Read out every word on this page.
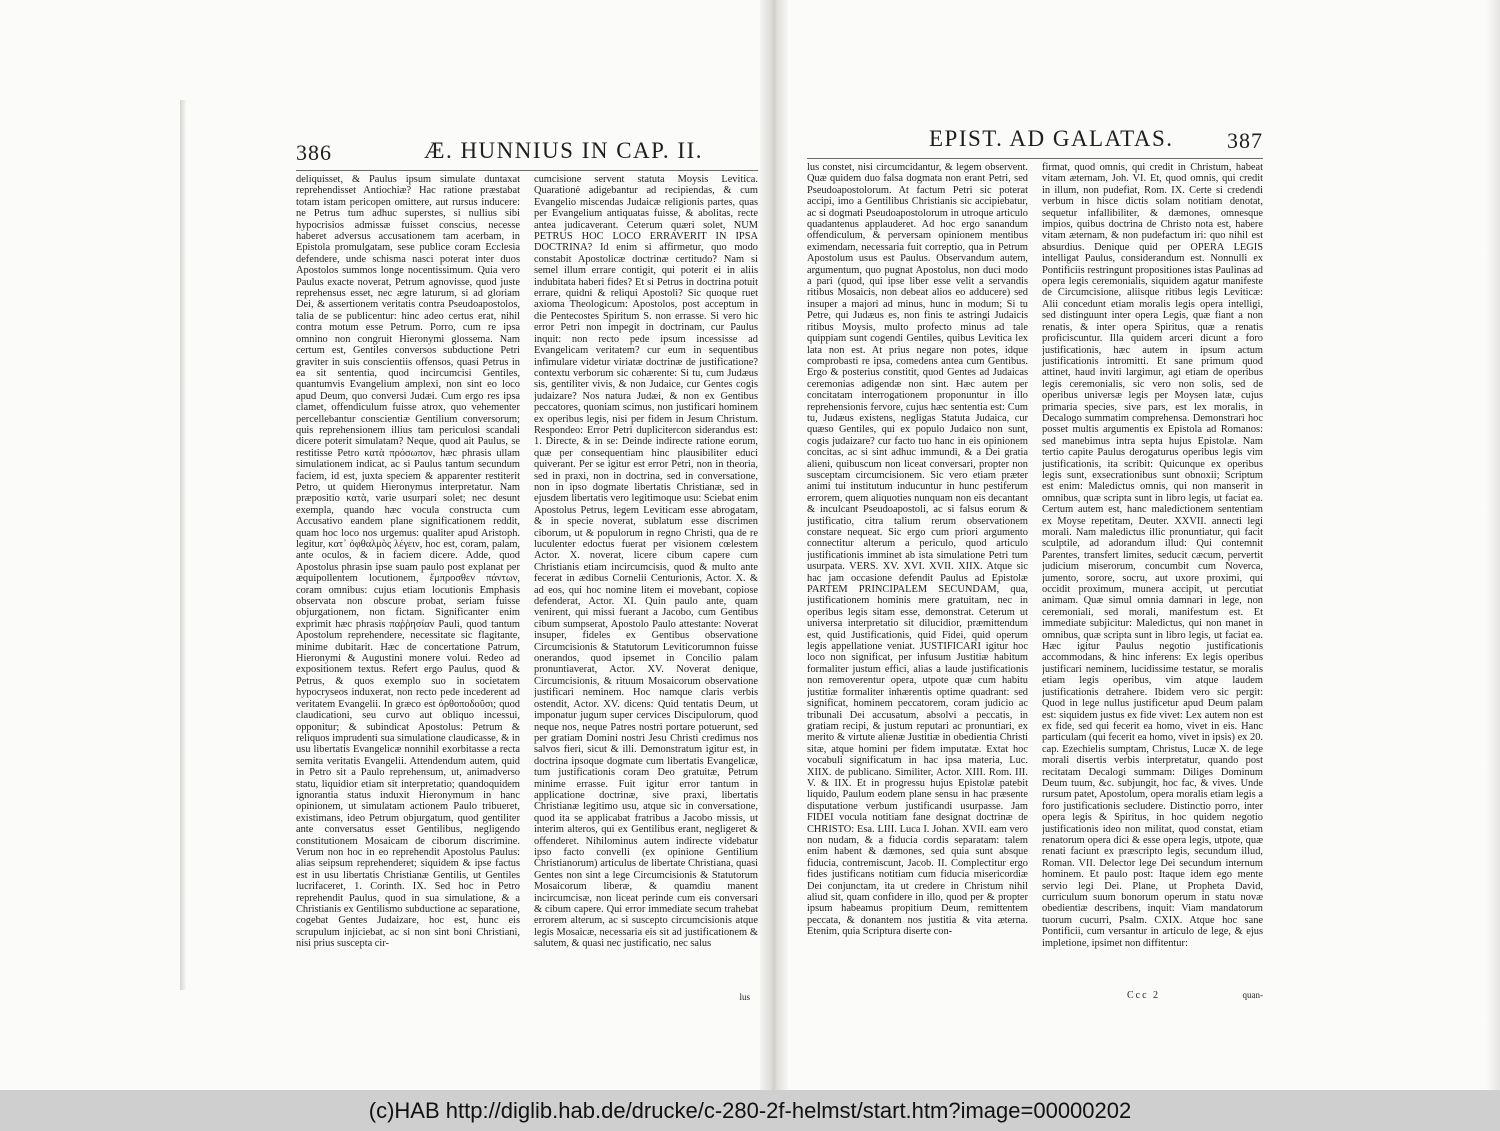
386	Æ. HUNNIUS IN CAP. II.
deliquisset, & Paulus ipsum simulate duntaxat reprehendisset Antiochiæ? Hac ratione præstabat totam istam pericopen omittere, aut rursus inducere: ne Petrus tum adhuc superstes, si nullius sibi hypocrisios admissæ fuisset conscius, necesse haberet adversus accusationem tam acerbam, in Epistola promulgatam, sese publice coram Ecclesia defendere, unde schisma nasci poterat inter duos Apostolos summos longe nocentissimum. Quia vero Paulus exacte noverat, Petrum agnovisse, quod juste reprehensus esset, nec ægre laturum, si ad gloriam Dei, & assertionem veritatis contra Pseudoapostolos, talia de se publicentur: hinc adeo certus erat, nihil contra motum esse Petrum. Porro, cum re ipsa omnino non congruit Hieronymi glossema. Nam certum est, Gentiles conversos subductione Petri graviter in suis conscientiis offensos, quasi Petrus in ea sit sententia, quod incircumcisi Gentiles, quantumvis Evangelium amplexi, non sint eo loco apud Deum, quo conversi Judæi. Cum ergo res ipsa clamet, offendiculum fuisse atrox, quo vehementer percellebantur conscientiæ Gentilium conversorum; quis reprehensionem illius tam periculosi scandali dicere poterit simulatam? Neque, quod ait Paulus, se restitisse Petro κατὰ πρόσωπον, hæc phrasis ullam simulationem indicat, ac si Paulus tantum secundum faciem, id est, juxta speciem & apparenter restiterit Petro, ut quidem Hieronymus interpretatur. Nam præpositio κατὰ, varie usurpari solet; nec desunt exempla, quando hæc vocula constructa cum Accusativo eandem plane significationem reddit, quam hoc loco nos urgemus: qualiter apud Aristoph. legitur, κατ᾽ ὀφθαλμὸς λέγειν, hoc est, coram, palam, ante oculos, & in faciem dicere. Adde, quod Apostolus phrasin ipse suam paulo post explanat per æquipollentem locutionem, ἔμπροσθεν πάντων, coram omnibus: cujus etiam locutionis Emphasis observata non obscure probat, seriam fuisse objurgationem, non fictam. Significanter enim exprimit hæc phrasis παῤῥησίαν Pauli, quod tantum Apostolum reprehendere, necessitate sic flagitante, minime dubitarit. Hæc de concertatione Patrum, Hieronymi & Augustini monere volui. Redeo ad expositionem textus. Refert ergo Paulus, quod & Petrus, & quos exemplo suo in societatem hypocryseos induxerat, non recto pede incederent ad veritatem Evangelii. In græco est ὀρθοποδοῦσι; quod claudicationi, seu curvo aut obliquo incessui, opponitur; & subindicat Apostolus: Petrum & reliquos imprudenti sua simulatione claudicasse, & in usu libertatis Evangelicæ nonnihil exorbitasse a recta semita veritatis Evangelii. Attendendum autem, quid in Petro sit a Paulo reprehensum, ut, animadverso statu, liquidior etiam sit interpretatio; quandoquidem ignorantia status induxit Hieronymum in hanc opinionem, ut simulatam actionem Paulo tribueret, existimans, ideo Petrum objurgatum, quod gentiliter ante conversatus esset Gentilibus, negligendo constitutionem Mosaicam de ciborum discrimine. Verum non hoc in eo reprehendit Apostolus Paulus: alias seipsum reprehenderet; siquidem & ipse factus est in usu libertatis Christianæ Gentilis, ut Gentiles lucrifaceret, 1. Corinth. IX. Sed hoc in Petro reprehendit Paulus, quod in sua simulatione, & a Christianis ex Gentilismo subductione ac separatione, cogebat Gentes Judaizare, hoc est, hunc eis scrupulum injiciebat, ac si non sint boni Christiani, nisi prius suscepta cir-
cumcisione servent statuta Moysis Levitica. Quarationė adigebantur ad recipiendas, & cum Evangelio miscendas Judaicæ religionis partes, quas per Evangelium antiquatas fuisse, & abolitas, recte antea judicaverant. Ceterum quæri solet, NUM PETRUS HOC LOCO ERRAVERIT IN IPSA DOCTRINA? Id enim si affirmetur, quo modo constabit Apostolicæ doctrinæ certitudo? Nam si semel illum errare contigit, qui poterit ei in aliis indubitata haberi fides? Et si Petrus in doctrina potuit errare, quidni & reliqui Apostoli? Sic quoque ruet axioma Theologicum: Apostolos, post acceptum in die Pentecostes Spiritum S. non errasse. Si vero hic error Petri non impegit in doctrinam, cur Paulus inquit: non recto pede ipsum incessisse ad Evangelicam veritatem? cur eum in sequentibus infimulare videtur viriatæ doctrinæ de justificatione? contextu verborum sic cohærente: Si tu, cum Judæus sis, gentiliter vivis, & non Judaice, cur Gentes cogis judaizare? Nos natura Judæi, & non ex Gentibus peccatores, quoniam scimus, non justificari hominem ex operibus legis, nisi per fidem in Jesum Christum. Respondeo: Error Petri duplicitercon siderandus est: 1. Directe, & in se: Deinde indirecte ratione eorum, quæ per consequentiam hinc plausibiliter educi quiverant. Per se igitur est error Petri, non in theoria, sed in praxi, non in doctrina, sed in conversatione, non in ipso dogmate libertatis Christianæ, sed in ejusdem libertatis vero legitimoque usu: Sciebat enim Apostolus Petrus, legem Leviticam esse abrogatam, & in specie noverat, sublatum esse discrimen ciborum, ut & populorum in regno Christi, qua de re luculenter edoctus fuerat per visionem cœlestem Actor. X. noverat, licere cibum capere cum Christianis etiam incircumcisis, quod & multo ante fecerat in ædibus Cornelii Centurionis, Actor. X. & ad eos, qui hoc nomine litem ei movebant, copiose defenderat, Actor. XI. Quin paulo ante, quam venirent, qui missi fuerant a Jacobo, cum Gentibus cibum sumpserat, Apostolo Paulo attestante: Noverat insuper, fideles ex Gentibus observatione Circumcisionis & Statutorum Leviticorumnon fuisse onerandos, quod ipsemet in Concilio palam pronuntiaverat, Actor. XV. Noverat denique, Circumcisionis, & rituum Mosaicorum observatione justificari neminem. Hoc namque claris verbis ostendit, Actor. XV. dicens: Quid tentatis Deum, ut imponatur jugum super cervices Discipulorum, quod neque nos, neque Patres nostri portare potuerunt, sed per gratiam Domini nostri Jesu Christi credimus nos salvos fieri, sicut & illi. Demonstratum igitur est, in doctrina ipsoque dogmate cum libertatis Evangelicæ, tum justificationis coram Deo gratuitæ, Petrum minime errasse. Fuit igitur error tantum in applicatione doctrinæ, sive praxi, libertatis Christianæ legitimo usu, atque sic in conversatione, quod ita se applicabat fratribus a Jacobo missis, ut interim alteros, qui ex Gentilibus erant, negligeret & offenderet. Nihilominus autem indirecte videbatur ipso facto convelli (ex opinione Gentilium Christianorum) articulus de libertate Christiana, quasi Gentes non sint a lege Circumcisionis & Statutorum Mosaicorum liberæ, & quamdiu manent incircumcisæ, non liceat perinde cum eis conversari & cibum capere. Qui error immediate secum trahebat errorem alterum, ac si suscepto circumcisionis atque legis Mosaicæ, necessaria eis sit ad justificationem & salutem, & quasi nec justificatio, nec salus
lus
EPIST. AD GALATAS. 387
lus constet, nisi circumcidantur, & legem observent. Quæ quidem duo falsa dogmata non erant Petri, sed Pseudoapostolorum. At factum Petri sic poterat accipi, imo a Gentilibus Christianis sic accipiebatur, ac si dogmati Pseudoapostolorum in utroque articulo quadantenus applauderet. Ad hoc ergo sanandum offendiculum, & perversam opinionem mentibus eximendam, necessaria fuit correptio, qua in Petrum Apostolum usus est Paulus. Observandum autem, argumentum, quo pugnat Apostolus, non duci modo a pari (quod, qui ipse liber esse velit a servandis ritibus Mosaicis, non debeat alios eo adducere) sed insuper a majori ad minus, hunc in modum; Si tu Petre, qui Judæus es, non finis te astringi Judaicis ritibus Moysis, multo profecto minus ad tale quippiam sunt cogendi Gentiles, quibus Levitica lex lata non est. At prius negare non potes, idque comprobasti re ipsa, comedens antea cum Gentibus. Ergo & posterius constitit, quod Gentes ad Judaicas ceremonias adigendæ non sint. Hæc autem per concitatam interrogationem proponuntur in illo reprehensionis fervore, cujus hæc sententia est: Cum tu, Judæus existens, negligas Statuta Judaica, cur quæso Gentiles, qui ex populo Judaico non sunt, cogis judaizare? cur facto tuo hanc in eis opinionem concitas, ac si sint adhuc immundi, & a Dei gratia alieni, quibuscum non liceat conversari, propter non susceptam circumcisionem. Sic vero etiam præter animi tui institutum inducuntur in hunc pestiferum errorem, quem aliquoties nunquam non eis decantant & inculcant Pseudoapostoli, ac si falsus eorum & justificatio, citra talium rerum observationem constare nequeat. Sic ergo cum priori argumento connectitur alterum a periculo, quod articulo justificationis imminet ab ista simulatione Petri tum usurpata. VERS. XV. XVI. XVII. XIIX. Atque sic hac jam occasione defendit Paulus ad Epistolæ PARTEM PRINCIPALEM SECUNDAM, qua, justificationem hominis mere gratuitam, nec in operibus legis sitam esse, demonstrat. Ceterum ut universa interpretatio sit dilucidior, præmittendum est, quid Justificationis, quid Fidei, quid operum legis appellatione veniat. JUSTIFICARI igitur hoc loco non significat, per infusum Justitiæ habitum formaliter justum effici, alias a laude justificationis non removerentur opera, utpote quæ cum habitu justitiæ formaliter inhærentis optime quadrant: sed significat, hominem peccatorem, coram judicio ac tribunali Dei accusatum, absolvi a peccatis, in gratiam recipi, & justum reputari ac pronuntiari, ex merito & virtute alienæ Justitiæ in obedientia Christi sitæ, atque homini per fidem imputatæ. Extat hoc vocabuli significatum in hac ipsa materia, Luc. XIIX. de publicano. Similiter, Actor. XIII. Rom. III. V. & IIX. Et in progressu hujus Epistolæ patebit liquido, Paulum eodem plane sensu in hac præsente disputatione verbum justificandi usurpasse. Jam FIDEI vocula notitiam fane designat doctrinæ de CHRISTO: Esa. LIII. Luca I. Johan. XVII. eam vero non nudam, & a fiducia cordis separatam: talem enim habent & dæmones, sed quia sunt absque fiducia, contremiscunt, Jacob. II. Complectitur ergo fides justificans notitiam cum fiducia misericordiæ Dei conjunctam, ita ut credere in Christum nihil aliud sit, quam confidere in illo, quod per & propter ipsum habeamus propitium Deum, remittentem peccata, & donantem nos justitia & vita æterna. Etenim, quia Scriptura diserte con-
firmat, quod omnis, qui credit in Christum, habeat vitam æternam, Joh. VI. Et, quod omnis, qui credit in illum, non pudefiat, Rom. IX. Certe si credendi verbum in hisce dictis solam notitiam denotat, sequetur infallibiliter, & dæmones, omnesque impios, quibus doctrina de Christo nota est, habere vitam æternam, & non pudefactum iri: quo nihil est absurdius. Denique quid per OPERA LEGIS intelligat Paulus, considerandum est. Nonnulli ex Pontificiis restringunt propositiones istas Paulinas ad opera legis ceremonialis, siquidem agatur manifeste de Circumcisione, aliisque ritibus legis Leviticæ: Alii concedunt etiam moralis legis opera intelligi, sed distinguunt inter opera Legis, quæ fiant a non renatis, & inter opera Spiritus, quæ a renatis proficiscuntur. Illa quidem arceri dicunt a foro justificationis, hæc autem in ipsum actum justificationis intromitti. Et sane primum quod attinet, haud inviti largimur, agi etiam de operibus legis ceremonialis, sic vero non solis, sed de operibus universæ legis per Moysen latæ, cujus primaria species, sive pars, est lex moralis, in Decalogo summatim comprehensa. Demonstrari hoc posset multis argumentis ex Epistola ad Romanos: sed manebimus intra septa hujus Epistolæ. Nam tertio capite Paulus derogaturus operibus legis vim justificationis, ita scribit: Quicunque ex operibus legis sunt, exsecrationibus sunt obnoxii; Scriptum est enim: Maledictus omnis, qui non manserit in omnibus, quæ scripta sunt in libro legis, ut faciat ea. Certum autem est, hanc maledictionem sententiam ex Moyse repetitam, Deuter. XXVII. annecti legi morali. Nam maledictus illic pronuntiatur, qui facit sculptile, ad adorandum illud: Qui contemnit Parentes, transfert limites, seducit cæcum, pervertit judicium miserorum, concumbit cum Noverca, jumento, sorore, socru, aut uxore proximi, qui occidit proximum, munera accipit, ut percutiat animam. Quæ simul omnia damnari in lege, non ceremoniali, sed morali, manifestum est. Et immediate subjicitur: Maledictus, qui non manet in omnibus, quæ scripta sunt in libro legis, ut faciat ea. Hæc igitur Paulus negotio justificationis accommodans, & hinc inferens: Ex legis operibus justificari neminem, lucidissime testatur, se moralis etiam legis operibus, vim atque laudem justificationis detrahere. Ibidem vero sic pergit: Quod in lege nullus justificetur apud Deum palam est: siquidem justus ex fide vivet: Lex autem non est ex fide, sed qui fecerit ea homo, vivet in eis. Hanc particulam (qui fecerit ea homo, vivet in ipsis) ex 20. cap. Ezechielis sumptam, Christus, Lucæ X. de lege morali disertis verbis interpretatur, quando post recitatam Decalogi summam: Diliges Dominum Deum tuum, &c. subjungit, hoc fac, & vives. Unde rursum patet, Apostolum, opera moralis etiam legis a foro justificationis secludere. Distinctio porro, inter opera legis & Spiritus, in hoc quidem negotio justificationis ideo non militat, quod constat, etiam renatorum opera dici & esse opera legis, utpote, quæ renati faciunt ex præscripto legis, secundum illud, Roman. VII. Delector lege Dei secundum internum hominem. Et paulo post: Itaque idem ego mente servio legi Dei. Plane, ut Propheta David, curriculum suum bonorum operum in statu novæ obedientiæ describens, inquit: Viam mandatorum tuorum cucurri, Psalm. CXIX. Atque hoc sane Pontificii, cum versantur in articulo de lege, & ejus impletione, ipsimet non diffitentur:
Ccc 2	quan-
(c)HAB http://diglib.hab.de/drucke/c-280-2f-helmst/start.htm?image=00000202
